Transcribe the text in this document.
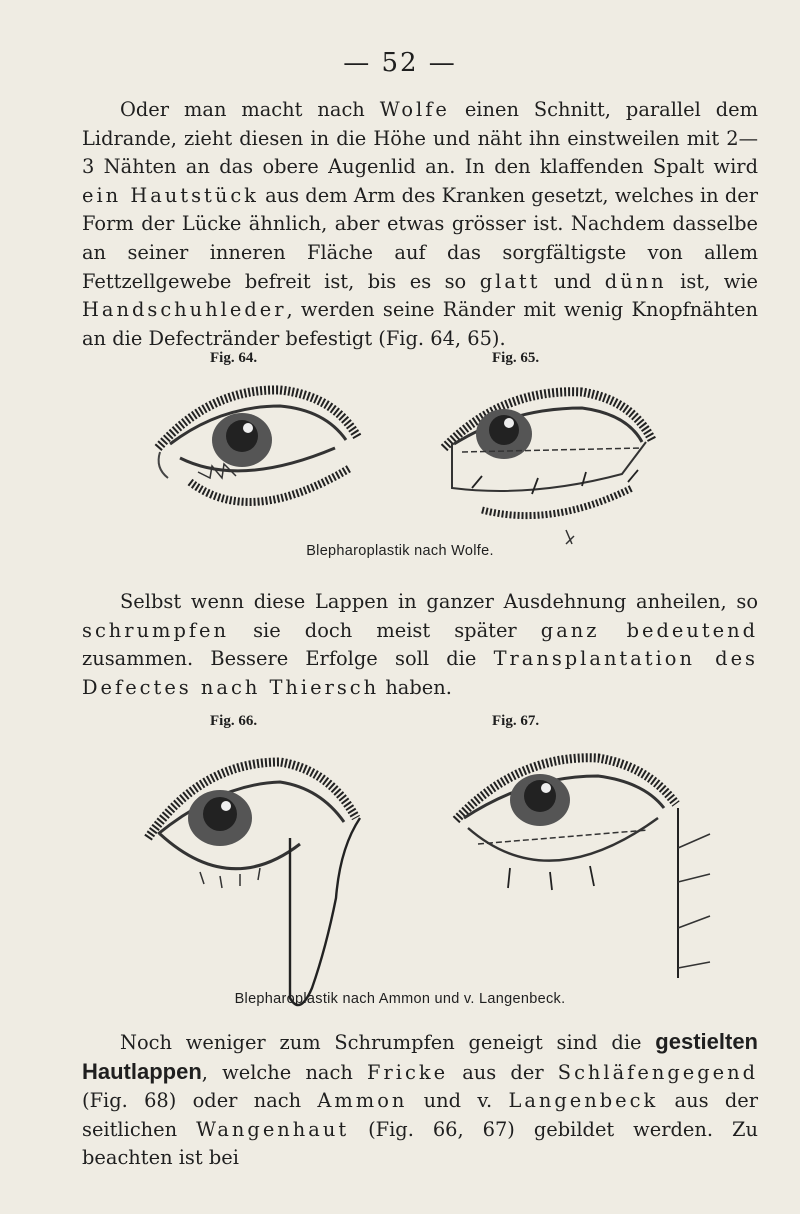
— 52 —

Oder man macht nach Wolfe einen Schnitt, parallel dem Lidrande, zieht diesen in die Höhe und näht ihn einstweilen mit 2—3 Nähten an das obere Augenlid an. In den klaffenden Spalt wird ein Hautstück aus dem Arm des Kranken gesetzt, welches in der Form der Lücke ähnlich, aber etwas grösser ist. Nachdem dasselbe an seiner inneren Fläche auf das sorgfältigste von allem Fettzellgewebe befreit ist, bis es so glatt und dünn ist, wie Handschuhleder, werden seine Ränder mit wenig Knopfnähten an die Defectränder befestigt (Fig. 64, 65).

Fig. 64.	Fig. 65.
Blepharoplastik nach Wolfe.

Selbst wenn diese Lappen in ganzer Ausdehnung anheilen, so schrumpfen sie doch meist später ganz bedeutend zusammen. Bessere Erfolge soll die Transplantation des Defectes nach Thiersch haben.

Fig. 66.	Fig. 67.
Blepharoplastik nach Ammon und v. Langenbeck.

Noch weniger zum Schrumpfen geneigt sind die gestielten Hautlappen, welche nach Fricke aus der Schläfengegend (Fig. 68) oder nach Ammon und v. Langenbeck aus der seitlichen Wangenhaut (Fig. 66, 67) gebildet werden. Zu beachten ist bei
